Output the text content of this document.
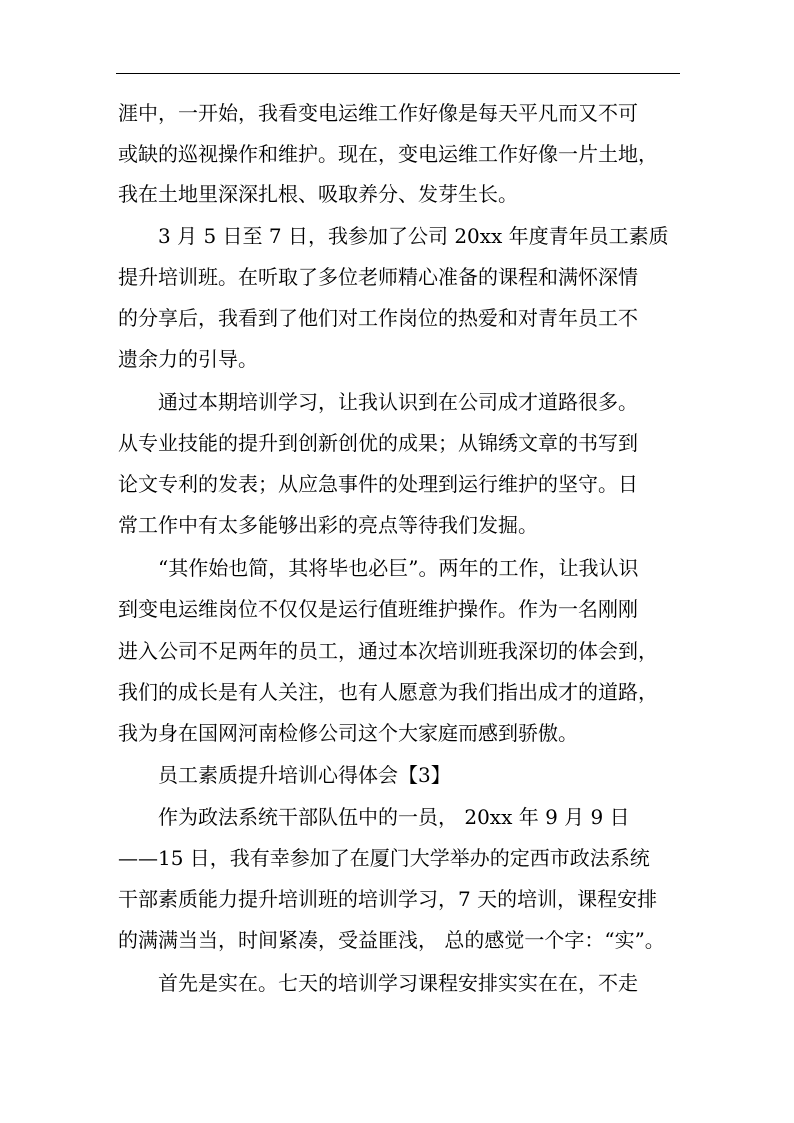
涯中，一开始，我看变电运维工作好像是每天平凡而又不可
或缺的巡视操作和维护。现在，变电运维工作好像一片土地，
我在土地里深深扎根、吸取养分、发芽生长。
3 月 5 日至 7 日，我参加了公司 20xx 年度青年员工素质
提升培训班。在听取了多位老师精心准备的课程和满怀深情
的分享后，我看到了他们对工作岗位的热爱和对青年员工不
遗余力的引导。
通过本期培训学习，让我认识到在公司成才道路很多。
从专业技能的提升到创新创优的成果；从锦绣文章的书写到
论文专利的发表；从应急事件的处理到运行维护的坚守。日
常工作中有太多能够出彩的亮点等待我们发掘。
“其作始也简，其将毕也必巨”。两年的工作，让我认识
到变电运维岗位不仅仅是运行值班维护操作。作为一名刚刚
进入公司不足两年的员工，通过本次培训班我深切的体会到，
我们的成长是有人关注，也有人愿意为我们指出成才的道路，
我为身在国网河南检修公司这个大家庭而感到骄傲。
员工素质提升培训心得体会【3】
作为政法系统干部队伍中的一员， 20xx 年 9 月 9 日
——15 日，我有幸参加了在厦门大学举办的定西市政法系统
干部素质能力提升培训班的培训学习，7 天的培训，课程安排
的满满当当，时间紧凑，受益匪浅， 总的感觉一个字：“实”。
首先是实在。七天的培训学习课程安排实实在在，不走
